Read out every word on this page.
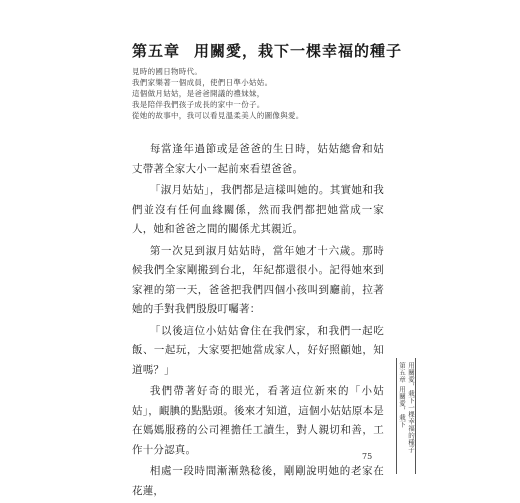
第五章 用關愛，栽下一棵幸福的種子
見時的國日物時代。
我們家樂著一個成員，使們日準小姑姑。
這個做月姑姑，是爸爸開議的禮妹妹，
我是陪伴我們孩子成長的家中一份子。
從她的故事中，我可以看見溫柔美人的圖像與愛。

每當逢年過節或是爸爸的生日時，姑姑總會和姑丈帶著全家大小一起前來看望爸爸。

「淑月姑姑」，我們都是這樣叫她的。其實她和我們並沒有任何血緣關係，然而我們都把她當成一家人，她和爸爸之間的關係尤其親近。

第一次見到淑月姑姑時，當年她才十六歲。那時候我們全家剛搬到台北，年紀都還很小。記得她來到家裡的第一天，爸爸把我們四個小孩叫到廳前，拉著她的手對我們殷殷叮囑著：

「以後這位小姑姑會住在我們家，和我們一起吃飯、一起玩，大家要把她當成家人，好好照顧她，知道嗎？」

我們帶著好奇的眼光，看著這位新來的「小姑姑」，靦腆的點點頭。後來才知道，這個小姑姑原本是在媽媽服務的公司裡擔任工讀生，對人親切和善，工作十分認真。

相處一段時間漸漸熟稔後，剛剛說明她的老家在花蓮，

75
第五章 用關愛，栽下 用關愛，栽下一棵幸福的種子
